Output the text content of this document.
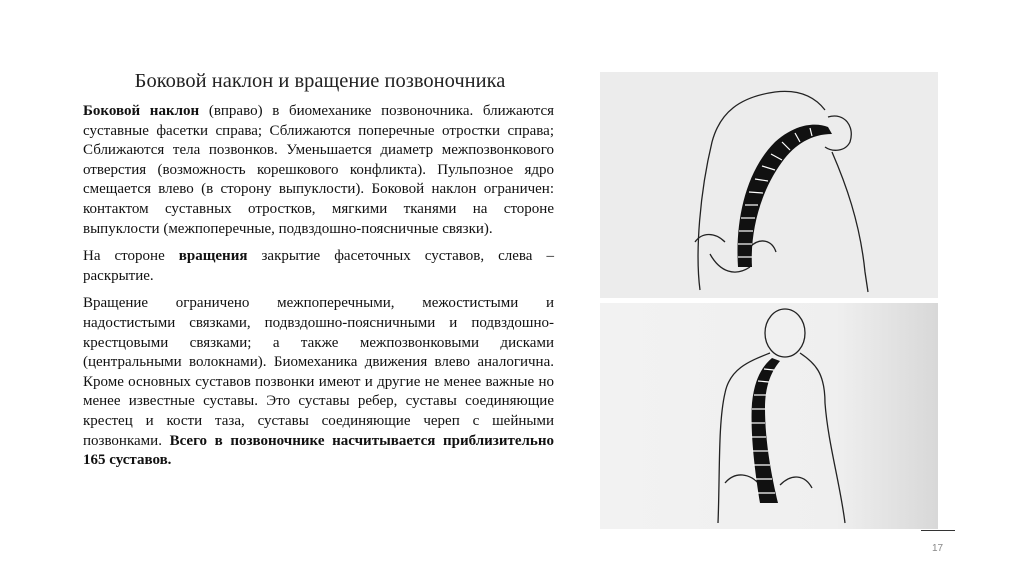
Боковой наклон и вращение позвоночника

Боковой наклон (вправо) в биомеханике позвоночника. ближаются суставные фасетки справа; Сближаются поперечные отростки справа; Сближаются тела позвонков. Уменьшается диаметр межпозвонкового отверстия (возможность корешкового конфликта). Пульпозное ядро смещается влево (в сторону выпуклости). Боковой наклон ограничен: контактом суставных отростков, мягкими тканями на стороне выпуклости (межпоперечные, подвздошно-поясничные связки).

На стороне вращения закрытие фасеточных суставов, слева – раскрытие.

Вращение ограничено межпоперечными, межостистыми и надостистыми связками, подвздошно-поясничными и подвздошно-крестцовыми связками; а также межпозвонковыми дисками (центральными волокнами). Биомеханика движения влево аналогична. Кроме основных суставов позвонки имеют и другие не менее важные но менее известные суставы. Это суставы ребер, суставы соединяющие крестец и кости таза, суставы соединяющие череп с шейными позвонками. Всего в позвоночнике насчитывается приблизительно 165 суставов.

17
